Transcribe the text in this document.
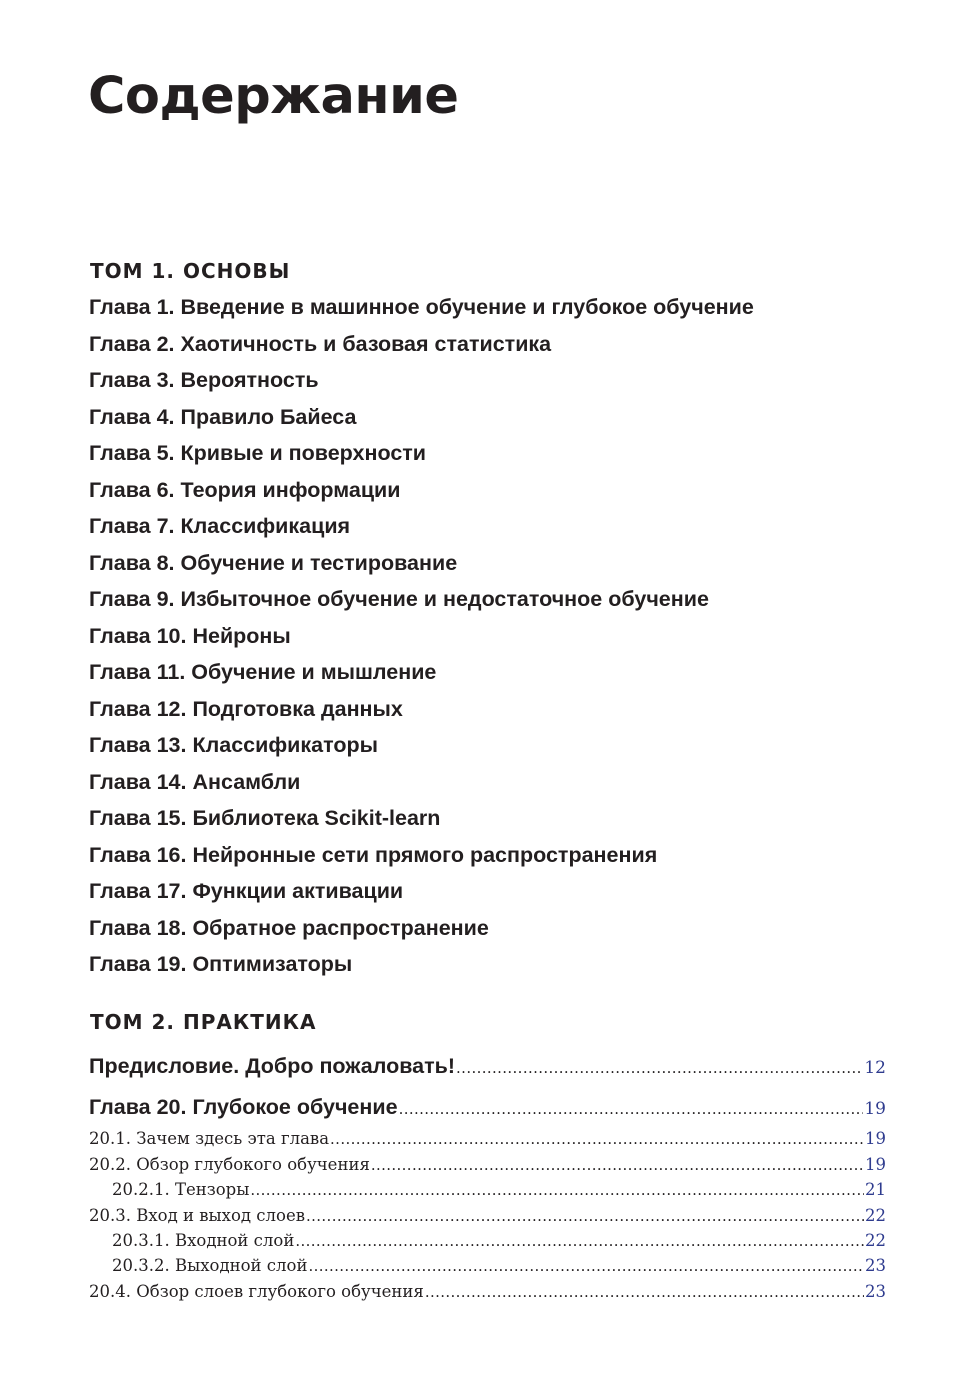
Содержание
ТОМ 1. ОСНОВЫ
Глава 1. Введение в машинное обучение и глубокое обучение
Глава 2. Хаотичность и базовая статистика
Глава 3. Вероятность
Глава 4. Правило Байеса
Глава 5. Кривые и поверхности
Глава 6. Теория информации
Глава 7. Классификация
Глава 8. Обучение и тестирование
Глава 9. Избыточное обучение и недостаточное обучение
Глава 10. Нейроны
Глава 11. Обучение и мышление
Глава 12. Подготовка данных
Глава 13. Классификаторы
Глава 14. Ансамбли
Глава 15. Библиотека Scikit-learn
Глава 16. Нейронные сети прямого распространения
Глава 17. Функции активации
Глава 18. Обратное распространение
Глава 19. Оптимизаторы
ТОМ 2. ПРАКТИКА
Предисловие. Добро пожаловать! . . .	12
Глава 20. Глубокое обучение . . .	19
20.1. Зачем здесь эта глава . . .	19
20.2. Обзор глубокого обучения . . .	19
20.2.1. Тензоры . . .	21
20.3. Вход и выход слоев . . .	22
20.3.1. Входной слой . . .	22
20.3.2. Выходной слой . . .	23
20.4. Обзор слоев глубокого обучения . . .	23
